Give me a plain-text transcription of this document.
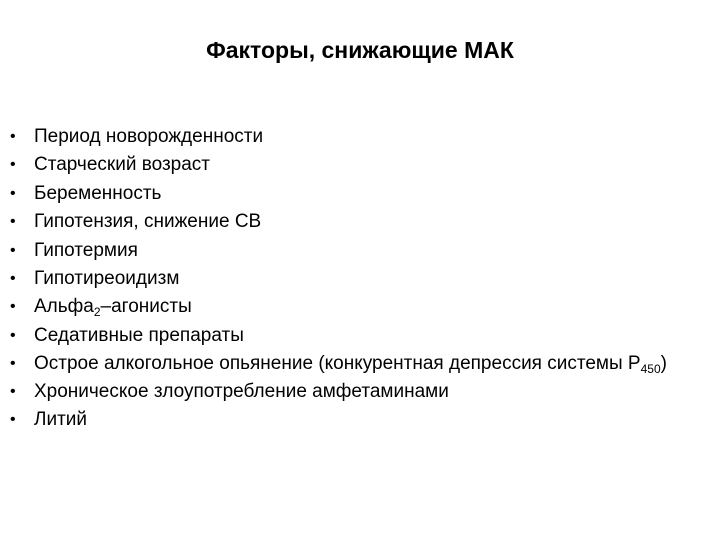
Факторы, снижающие МАК
• Период новорожденности
• Старческий возраст
• Беременность
• Гипотензия, снижение СВ
• Гипотермия
• Гипотиреоидизм
• Альфа$_2$–агонисты
• Седативные препараты
• Острое алкогольное опьянение (конкурентная депрессия системы $Р_{450}$)
• Хроническое злоупотребление амфетаминами
• Литий
